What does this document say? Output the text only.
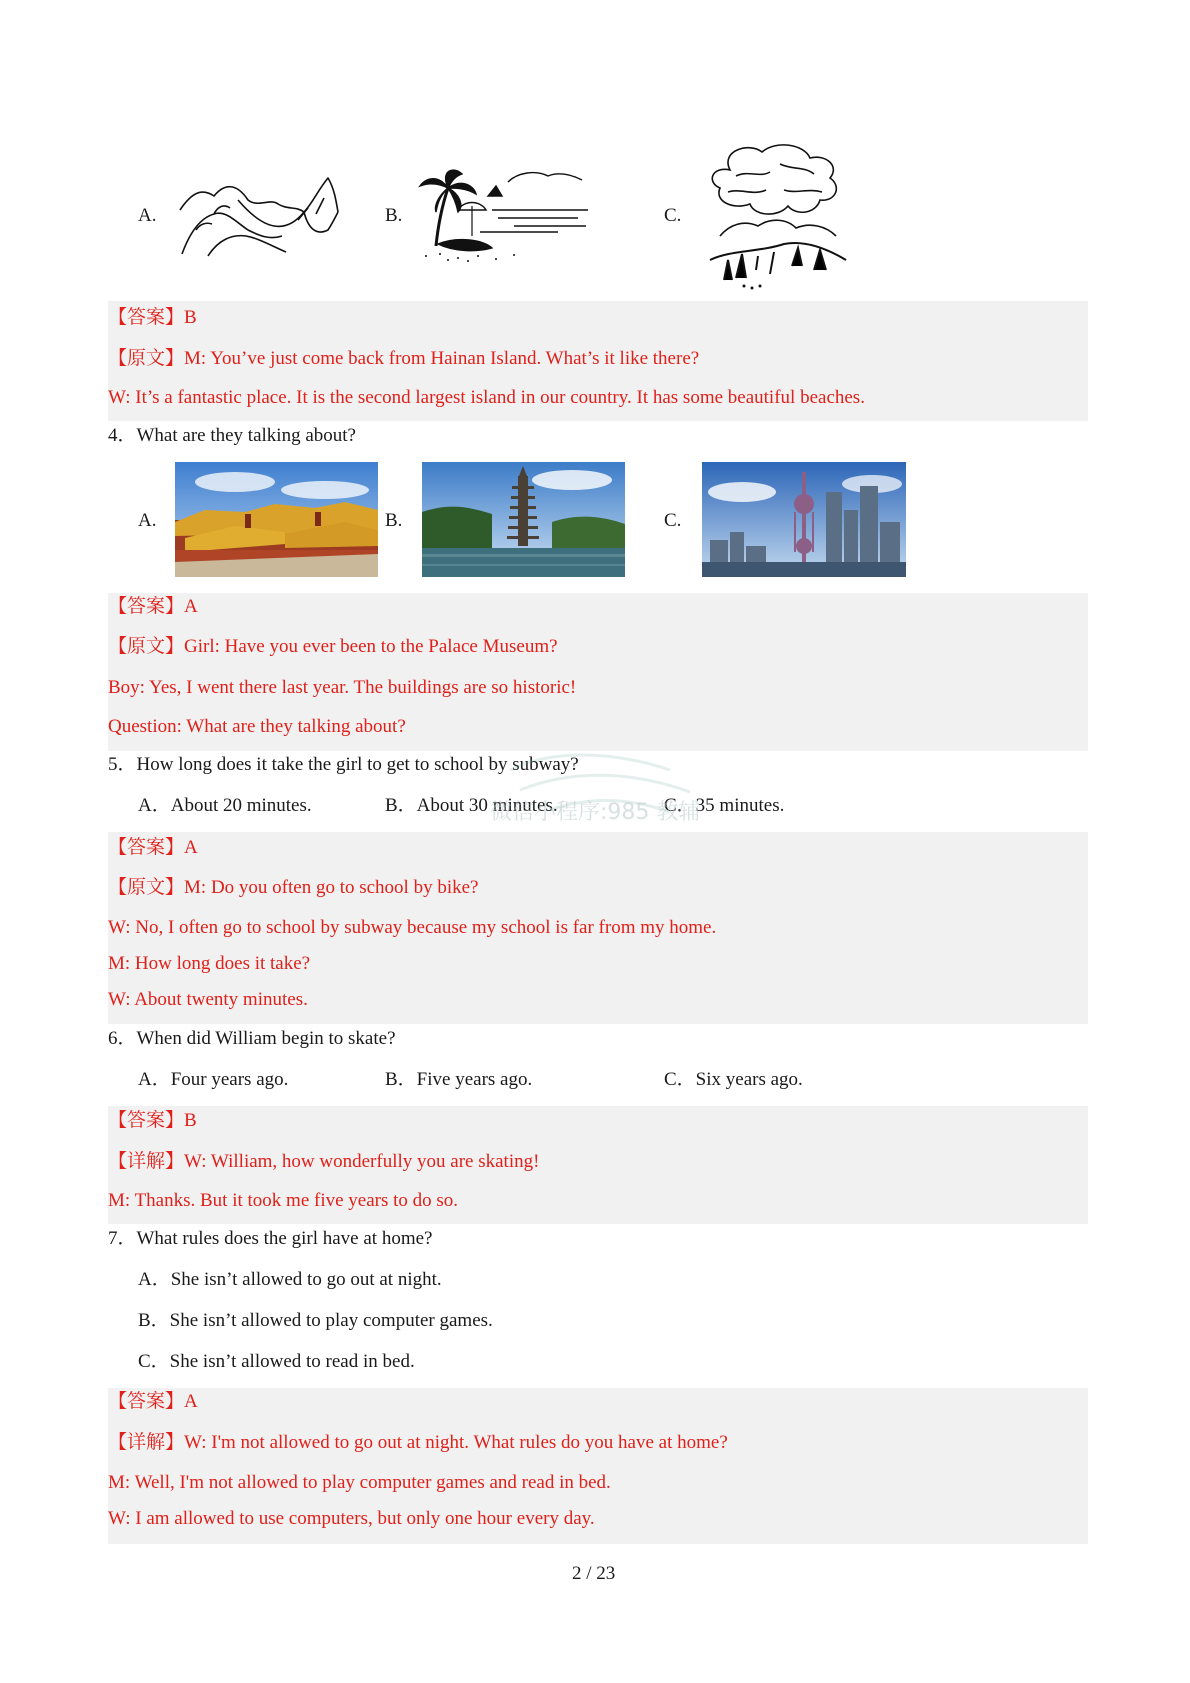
A.	B.	C.
【答案】B
【原文】M: You’ve just come back from Hainan Island. What’s it like there?
W: It’s a fantastic place. It is the second largest island in our country. It has some beautiful beaches.
4．What are they talking about?
A.	B.	C.
【答案】A
【原文】Girl: Have you ever been to the Palace Museum?
Boy: Yes, I went there last year. The buildings are so historic!
Question: What are they talking about?
5．How long does it take the girl to get to school by subway?
A．About 20 minutes.	B．About 30 minutes.	C．35 minutes.
微信小程序:985 教辅
【答案】A
【原文】M: Do you often go to school by bike?
W: No, I often go to school by subway because my school is far from my home.
M: How long does it take?
W: About twenty minutes.
6．When did William begin to skate?
A．Four years ago.	B．Five years ago.	C．Six years ago.
【答案】B
【详解】W: William, how wonderfully you are skating!
M: Thanks. But it took me five years to do so.
7．What rules does the girl have at home?
A．She isn’t allowed to go out at night.
B．She isn’t allowed to play computer games.
C．She isn’t allowed to read in bed.
【答案】A
【详解】W: I'm not allowed to go out at night. What rules do you have at home?
M: Well, I'm not allowed to play computer games and read in bed.
W: I am allowed to use computers, but only one hour every day.
2 / 23
